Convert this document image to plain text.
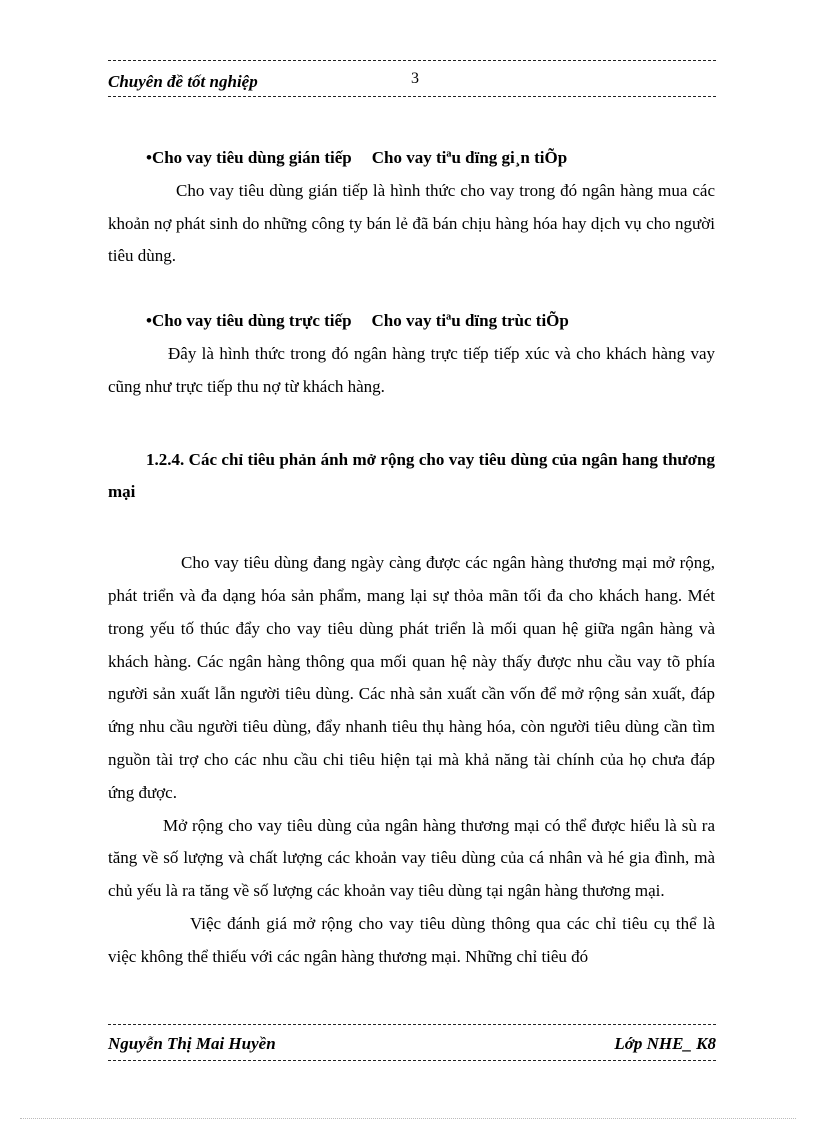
Chuyên đề tốt nghiệp	3
•Cho vay tiêu dùng gián tiếp Cho vay tiªu dïng gi¸n tiÕp

Cho vay tiêu dùng gián tiếp là hình thức cho vay trong đó ngân hàng mua các khoản nợ phát sinh do những công ty bán lẻ đã bán chịu hàng hóa hay dịch vụ cho người tiêu dùng.

•Cho vay tiêu dùng trực tiếp Cho vay tiªu dïng trùc tiÕp

Đây là hình thức trong đó ngân hàng trực tiếp tiếp xúc và cho khách hàng vay cũng như trực tiếp thu nợ từ khách hàng.

1.2.4. Các chỉ tiêu phản ánh mở rộng cho vay tiêu dùng của ngân hang thương mại

Cho vay tiêu dùng đang ngày càng được các ngân hàng thương mại mở rộng, phát triển và đa dạng hóa sản phẩm, mang lại sự thỏa mãn tối đa cho khách hang. Mét trong yếu tố thúc đẩy cho vay tiêu dùng phát triển là mối quan hệ giữa ngân hàng và khách hàng. Các ngân hàng thông qua mối quan hệ này thấy được nhu cầu vay tõ phía người sản xuất lẫn người tiêu dùng. Các nhà sản xuất cần vốn để mở rộng sản xuất, đáp ứng nhu cầu người tiêu dùng, đẩy nhanh tiêu thụ hàng hóa, còn người tiêu dùng cần tìm nguồn tài trợ cho các nhu cầu chi tiêu hiện tại mà khả năng tài chính của họ chưa đáp ứng được.

Mở rộng cho vay tiêu dùng của ngân hàng thương mại có thể được hiểu là sù ra tăng về số lượng và chất lượng các khoản vay tiêu dùng của cá nhân và hé gia đình, mà chủ yếu là ra tăng về số lượng các khoản vay tiêu dùng tại ngân hàng thương mại.

Việc đánh giá mở rộng cho vay tiêu dùng thông qua các chỉ tiêu cụ thể là việc không thể thiếu với các ngân hàng thương mại. Những chỉ tiêu đó

Nguyễn Thị Mai Huyền	Lớp NHE_ K8
